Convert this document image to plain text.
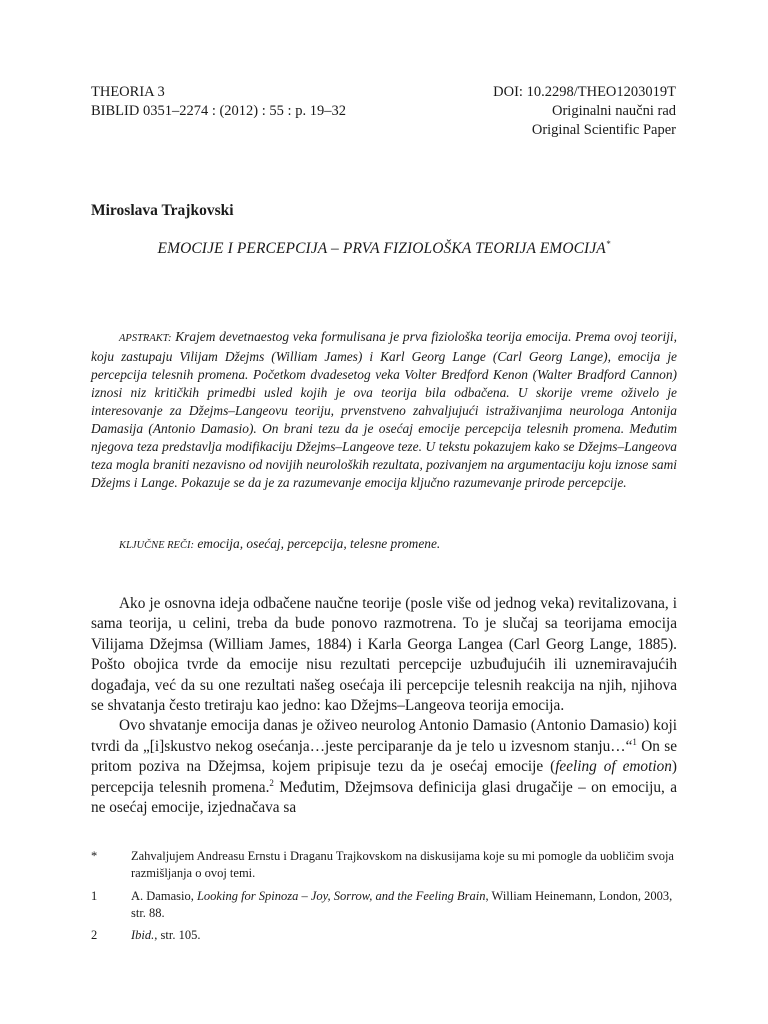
THEORIA 3
BIBLID 0351–2274 : (2012) : 55 : p. 19–32
DOI: 10.2298/THEO1203019T
Originalni naučni rad
Original Scientific Paper
Miroslava Trajkovski
EMOCIJE I PERCEPCIJA – PRVA FIZIOLOŠKA TEORIJA EMOCIJA*
APSTRAKT: Krajem devetnaestog veka formulisana je prva fiziološka teorija emocija. Prema ovoj teoriji, koju zastupaju Vilijam Džejms (William James) i Karl Georg Lange (Carl Georg Lange), emocija je percepcija telesnih promena. Početkom dvadesetog veka Volter Bredford Kenon (Walter Bradford Cannon) iznosi niz kritičkih primedbi usled kojih je ova teorija bila odbačena. U skorije vreme oživelo je interesovanje za Džejms–Langeovu teoriju, prvenstveno zahvaljujući istraživanjima neurologa Antonija Damasija (Antonio Damasio). On brani tezu da je osećaj emocije percepcija telesnih promena. Međutim njegova teza predstavlja modifikaciju Džejms–Langeove teze. U tekstu pokazujem kako se Džejms–Langeova teza mogla braniti nezavisno od novijih neuroloških rezultata, pozivanjem na argumentaciju koju iznose sami Džejms i Lange. Pokazuje se da je za razumevanje emocija ključno razumevanje prirode percepcije.
KLJUČNE REČI: emocija, osećaj, percepcija, telesne promene.

Ako je osnovna ideja odbačene naučne teorije (posle više od jednog veka) revitalizovana, i sama teorija, u celini, treba da bude ponovo razmotrena. To je slučaj sa teorijama emocija Vilijama Džejmsa (William James, 1884) i Karla Georga Langea (Carl Georg Lange, 1885). Pošto obojica tvrde da emocije nisu rezultati percepcije uzbuđujućih ili uznemiravajućih događaja, već da su one rezultati našeg osećaja ili percepcije telesnih reakcija na njih, njihova se shvatanja često tretiraju kao jedno: kao Džejms–Langeova teorija emocija.

Ovo shvatanje emocija danas je oživeo neurolog Antonio Damasio (Antonio Damasio) koji tvrdi da „[i]skustvo nekog osećanja…jeste perciparanje da je telo u izvesnom stanju…“$^1$ On se pritom poziva na Džejmsa, kojem pripisuje tezu da je osećaj emocije (feeling of emotion) percepcija telesnih promena.$^2$ Međutim, Džejmsova definicija glasi drugačije – on emociju, a ne osećaj emocije, izjednačava sa

*	Zahvaljujem Andreasu Ernstu i Draganu Trajkovskom na diskusijama koje su mi pomogle da uobličim svoja razmišljanja o ovoj temi.
1	A. Damasio, Looking for Spinoza – Joy, Sorrow, and the Feeling Brain, William Heinemann, London, 2003, str. 88.
2	Ibid., str. 105.
